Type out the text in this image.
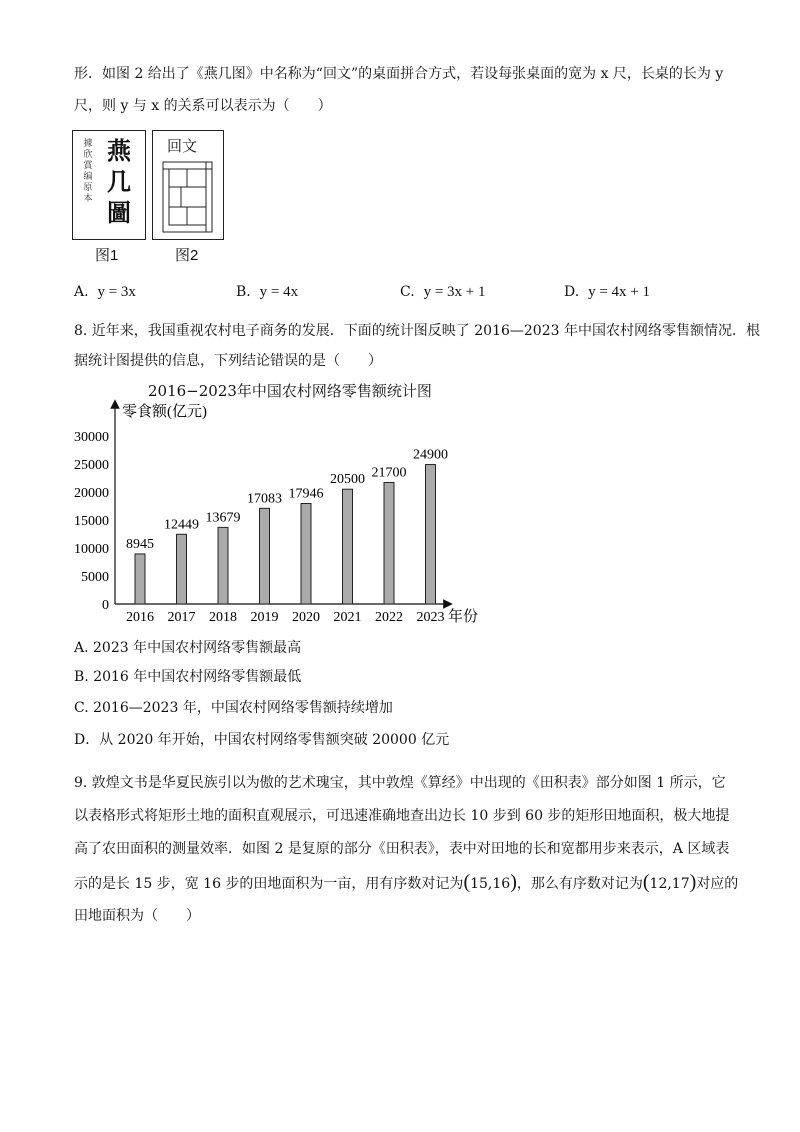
形．如图 2 给出了《燕几图》中名称为“回文”的桌面拼合方式，若设每张桌面的宽为 x 尺，长桌的长为 y
尺，则 y 与 x 的关系可以表示为（　　）
據欣賞编原本
燕几圖
图1
回文
图2
A. y = 3x	B. y = 4x	C. y = 3x + 1	D. y = 4x + 1
8. 近年来，我国重视农村电子商务的发展．下面的统计图反映了 2016—2023 年中国农村网络零售额情况．根
据统计图提供的信息，下列结论错误的是（　　）
2016−2023年中国农村网络零售额统计图
零食额(亿元)
年份
0
5000
10000
15000
20000
25000
30000
8945
12449 13679
17083 17946
20500 21700
24900
2016 2017 2018 2019 2020 2021 2022 2023
A. 2023 年中国农村网络零售额最高
B. 2016 年中国农村网络零售额最低
C. 2016—2023 年，中国农村网络零售额持续增加
D．从 2020 年开始，中国农村网络零售额突破 20000 亿元
9. 敦煌文书是华夏民族引以为傲的艺术瑰宝，其中敦煌《算经》中出现的《田积表》部分如图 1 所示，它
以表格形式将矩形土地的面积直观展示，可迅速准确地查出边长 10 步到 60 步的矩形田地面积，极大地提
高了农田面积的测量效率．如图 2 是复原的部分《田积表》，表中对田地的长和宽都用步来表示，A 区域表
示的是长 15 步，宽 16 步的田地面积为一亩，用有序数对记为(15,16)，那么有序数对记为(12,17)对应的
田地面积为（　　）
